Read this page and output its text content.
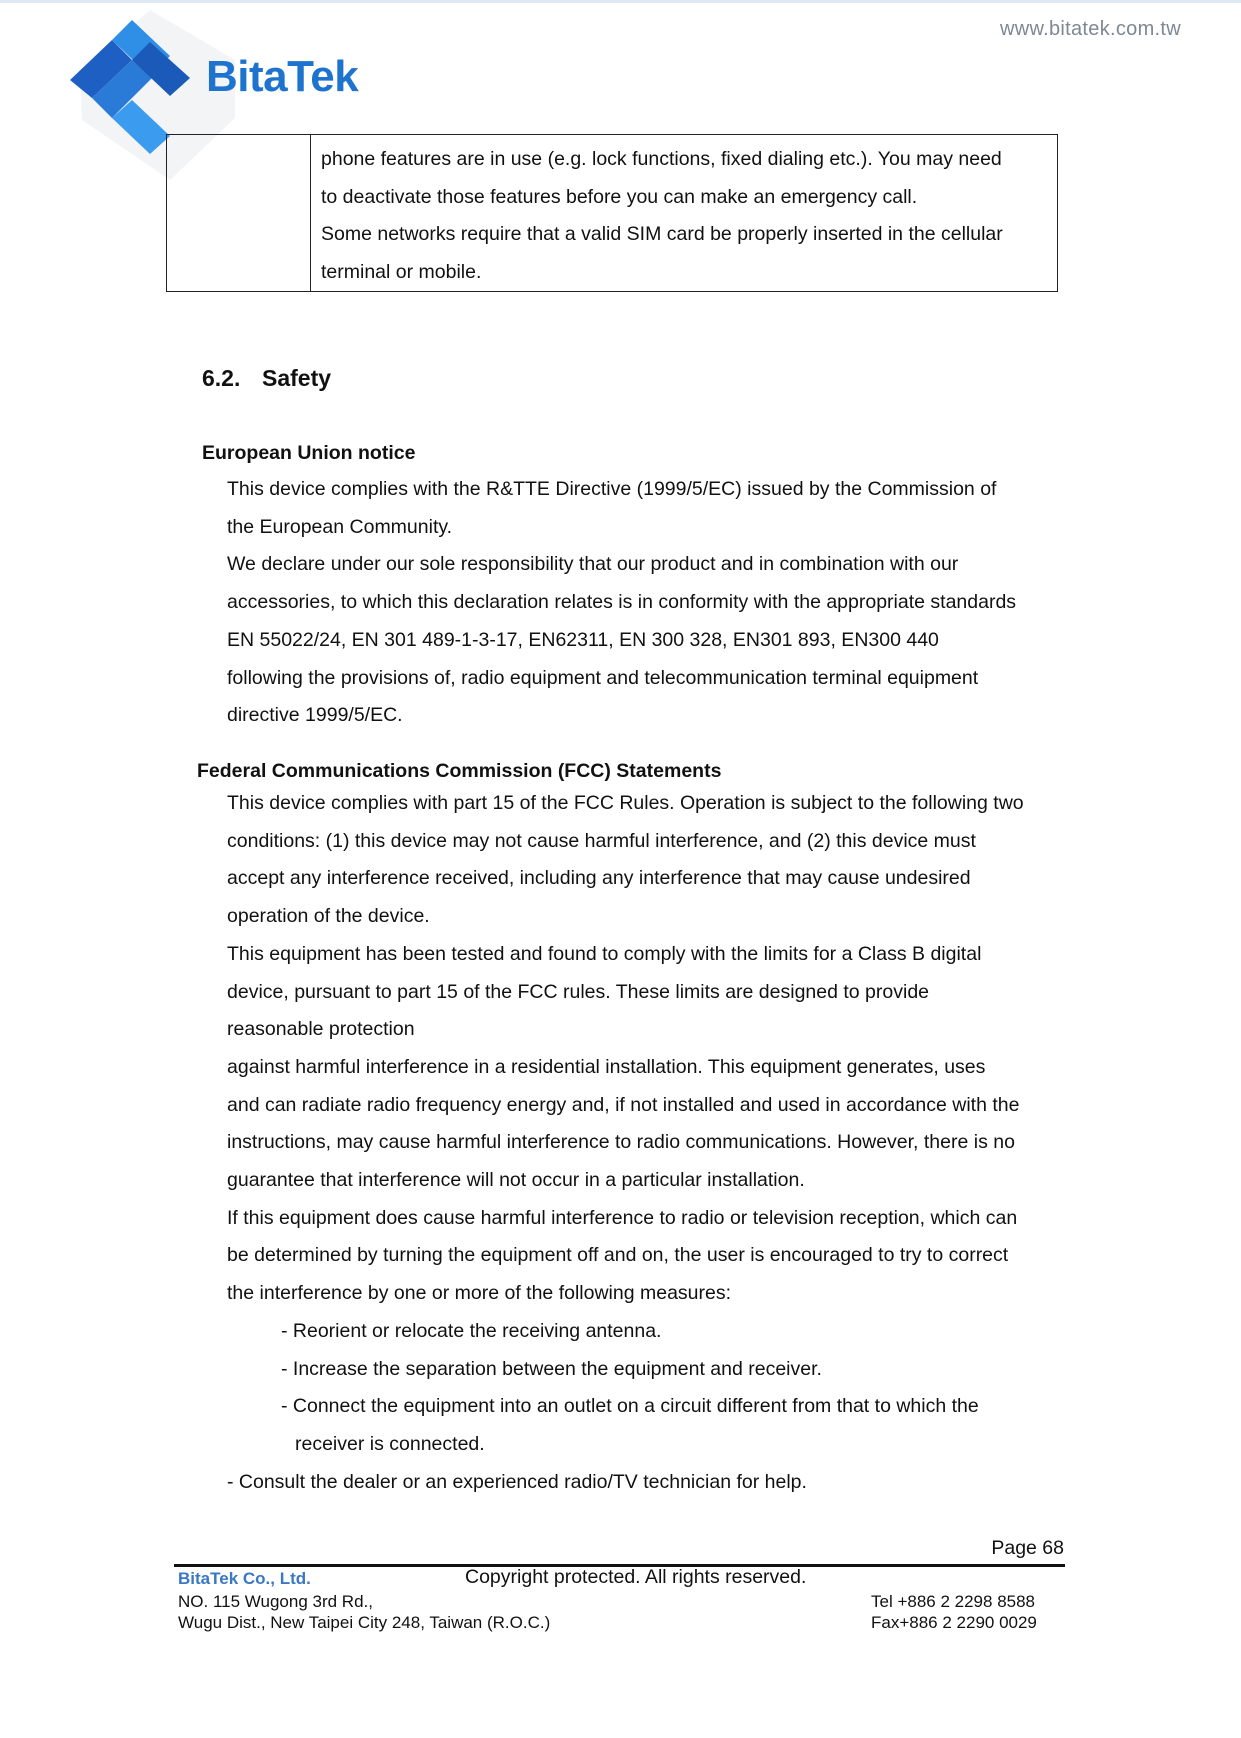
BitaTek
www.bitatek.com.tw

phone features are in use (e.g. lock functions, fixed dialing etc.). You may need
to deactivate those features before you can make an emergency call.
Some networks require that a valid SIM card be properly inserted in the cellular
terminal or mobile.
6.2. Safety
European Union notice
This device complies with the R&TTE Directive (1999/5/EC) issued by the Commission of
the European Community.
We declare under our sole responsibility that our product and in combination with our
accessories, to which this declaration relates is in conformity with the appropriate standards
EN 55022/24, EN 301 489-1-3-17, EN62311, EN 300 328, EN301 893, EN300 440
following the provisions of, radio equipment and telecommunication terminal equipment
directive 1999/5/EC.
Federal Communications Commission (FCC) Statements
This device complies with part 15 of the FCC Rules. Operation is subject to the following two
conditions: (1) this device may not cause harmful interference, and (2) this device must
accept any interference received, including any interference that may cause undesired
operation of the device.
This equipment has been tested and found to comply with the limits for a Class B digital
device, pursuant to part 15 of the FCC rules. These limits are designed to provide
reasonable protection
against harmful interference in a residential installation. This equipment generates, uses
and can radiate radio frequency energy and, if not installed and used in accordance with the
instructions, may cause harmful interference to radio communications. However, there is no
guarantee that interference will not occur in a particular installation.
If this equipment does cause harmful interference to radio or television reception, which can
be determined by turning the equipment off and on, the user is encouraged to try to correct
the interference by one or more of the following measures:
- Reorient or relocate the receiving antenna.
- Increase the separation between the equipment and receiver.
- Connect the equipment into an outlet on a circuit different from that to which the
receiver is connected.
- Consult the dealer or an experienced radio/TV technician for help.
Page 68
BitaTek Co., Ltd.	Copyright protected. All rights reserved.
NO. 115 Wugong 3rd Rd.,
Wugu Dist., New Taipei City 248, Taiwan (R.O.C.)
Tel +886 2 2298 8588
Fax+886 2 2290 0029
